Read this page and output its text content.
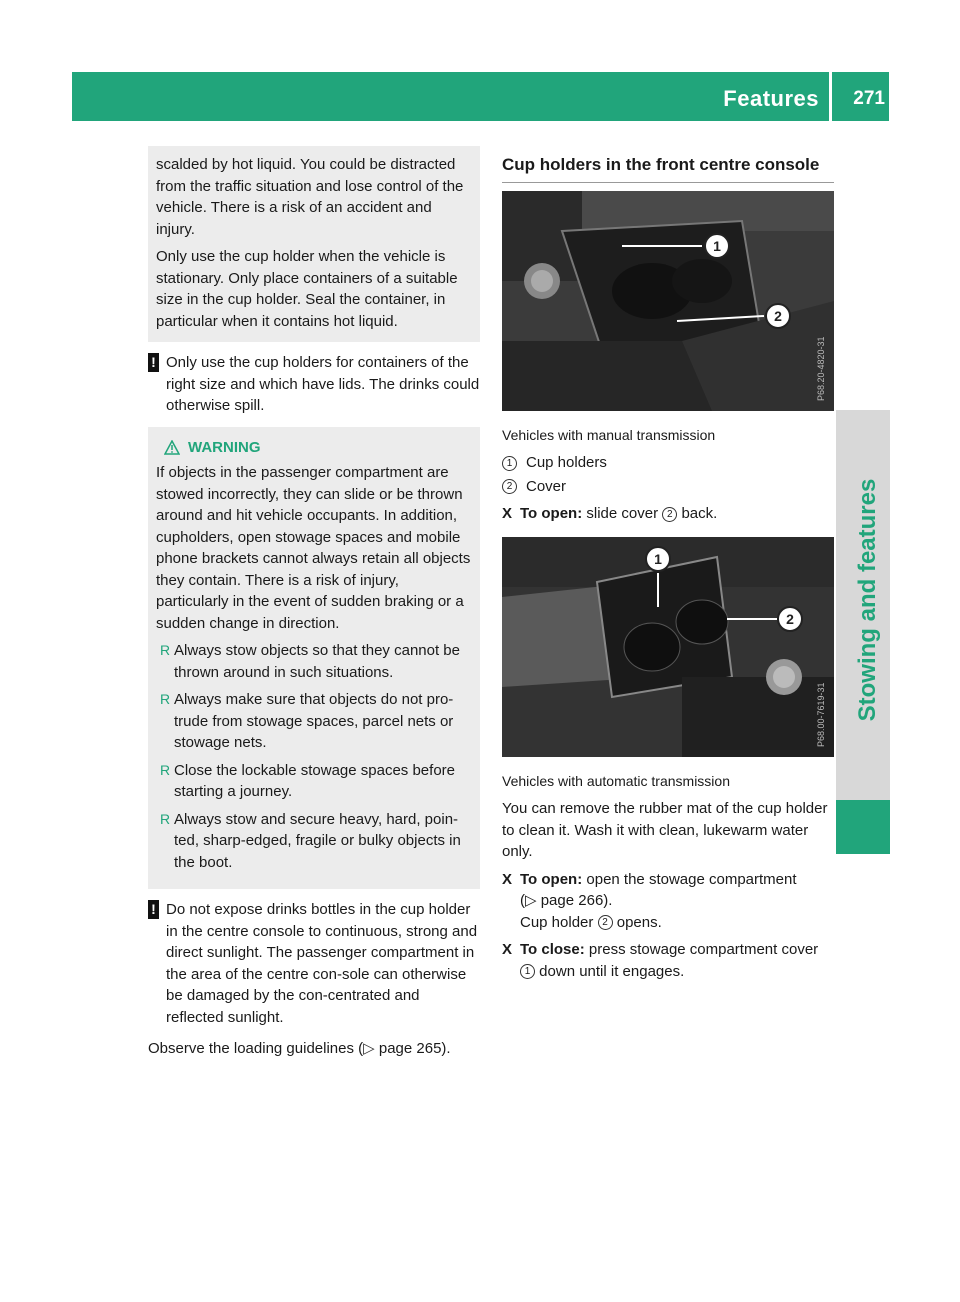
Features 271
Stowing and features

scalded by hot liquid. You could be distracted from the traffic situation and lose control of the vehicle. There is a risk of an accident and injury.

Only use the cup holder when the vehicle is stationary. Only place containers of a suitable size in the cup holder. Seal the container, in particular when it contains hot liquid.

! Only use the cup holders for containers of the right size and which have lids. The drinks could otherwise spill.
WARNING

If objects in the passenger compartment are stowed incorrectly, they can slide or be thrown around and hit vehicle occupants. In addition, cupholders, open stowage spaces and mobile phone brackets cannot always retain all objects they contain. There is a risk of injury, particularly in the event of sudden braking or a sudden change in direction.

R Always stow objects so that they cannot be thrown around in such situations.
R Always make sure that objects do not pro-trude from stowage spaces, parcel nets or stowage nets.
R Close the lockable stowage spaces before starting a journey.
R Always stow and secure heavy, hard, poin-ted, sharp-edged, fragile or bulky objects in the boot.
! Do not expose drinks bottles in the cup holder in the centre console to continuous, strong and direct sunlight. The passenger compartment in the area of the centre con-sole can otherwise be damaged by the con-centrated and reflected sunlight.
Observe the loading guidelines (▷ page 265).
Cup holders in the front centre console
1
2
P68.20-4820-31
Vehicles with manual transmission
1 Cup holders
2 Cover
X To open: slide cover 2 back.
1
2
P68.00-7619-31
Vehicles with automatic transmission

You can remove the rubber mat of the cup holder to clean it. Wash it with clean, lukewarm water only.

X To open: open the stowage compartment
(▷ page 266).
Cup holder 2 opens.
X To close: press stowage compartment cover 1 down until it engages.
